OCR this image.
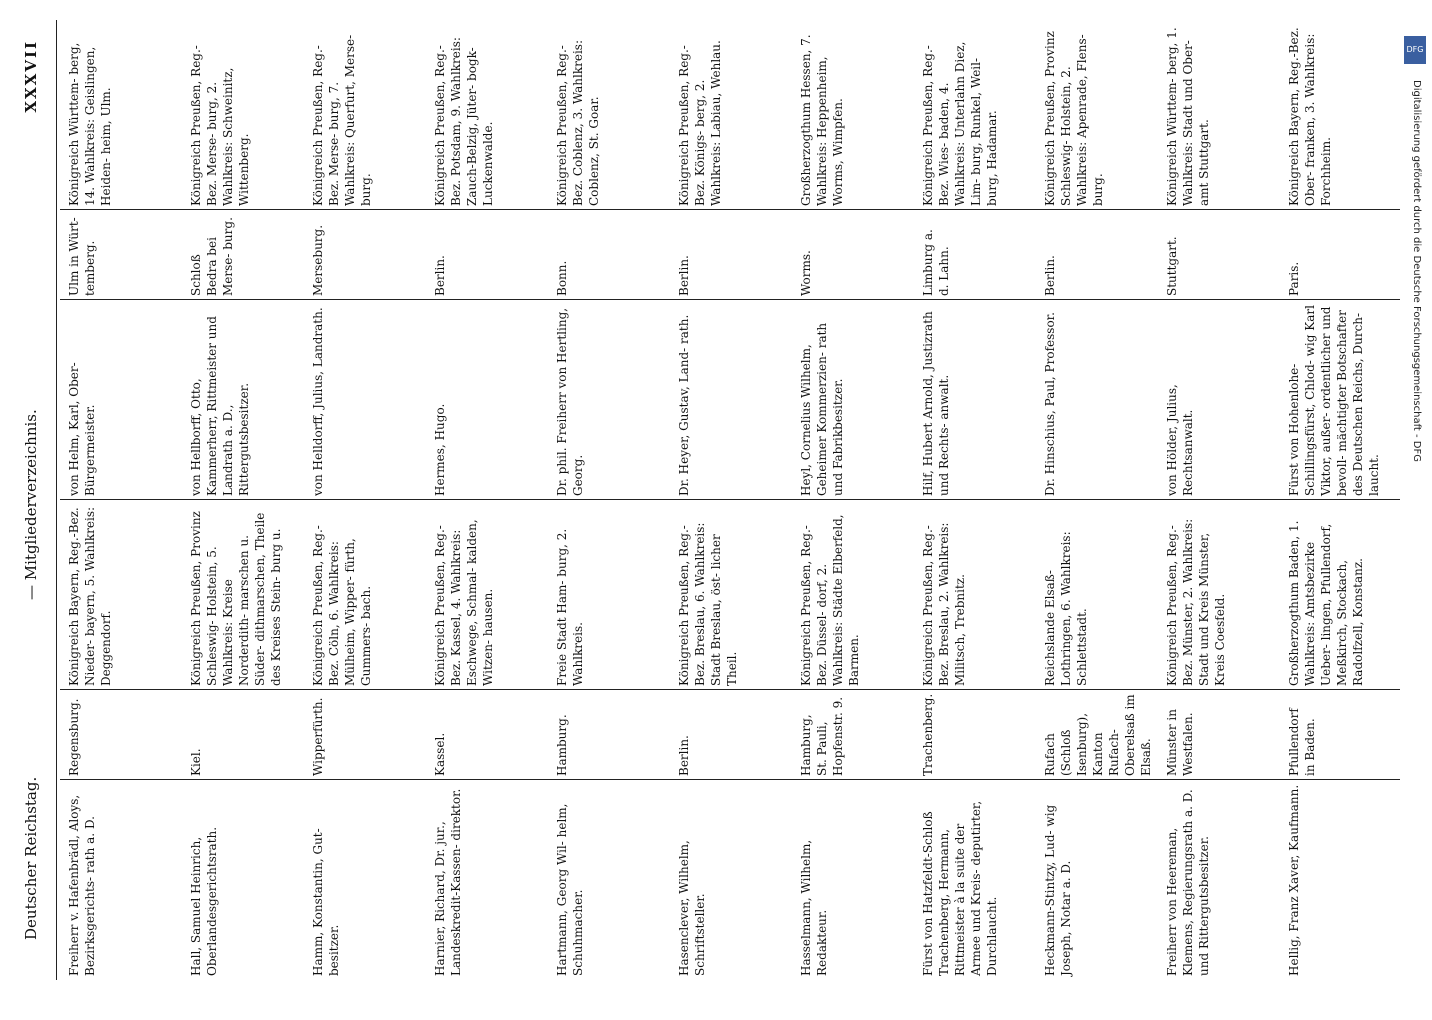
Deutscher Reichstag.
— Mitgliederverzeichnis.
XXXVII
Freiherr v. Hafenbrädl, Aloys, Bezirksgerichts- rath a. D.
Regensburg.
Königreich Bayern, Reg.-Bez. Nieder- bayern, 5. Wahlkreis: Deggendorf.
Hall, Samuel Heinrich, Oberlandesgerichtsrath.
Kiel.
Königreich Preußen, Provinz Schleswig- Holstein, 5. Wahlkreis: Kreise Norderdith- marschen u. Süder- dithmarschen, Theile des Kreises Stein- burg u.
Hamm, Konstantin, Gut- besitzer.
Wipperfürth.
Königreich Preußen, Reg.-Bez. Cöln, 6. Wahlkreis: Mülheim, Wipper- fürth, Gummers- bach.
Harnier, Richard, Dr. jur., Landeskredit-Kassen- direktor.
Kassel.
Königreich Preußen, Reg.-Bez. Kassel, 4. Wahlkreis: Eschwege, Schmal- kalden, Witzen- hausen.
Hartmann, Georg Wil- helm, Schuhmacher.
Hamburg.
Freie Stadt Ham- burg, 2. Wahlkreis.
Hasenclever, Wilhelm, Schriftsteller.
Berlin.
Königreich Preußen, Reg.-Bez. Breslau, 6. Wahlkreis: Stadt Breslau, öst- licher Theil.
Hasselmann, Wilhelm, Redakteur.
Hamburg, St. Pauli, Hopfenstr. 9.
Königreich Preußen, Reg.-Bez. Düssel- dorf, 2. Wahlkreis: Städte Elberfeld, Barmen.
Fürst von Hatzfeldt-Schloß Trachenberg, Hermann, Rittmeister à la suite der Armee und Kreis- deputirter, Durchlaucht.
Trachenberg.
Königreich Preußen, Reg.-Bez. Breslau, 2. Wahlkreis: Militsch, Trebnitz.
Heckmann-Stintzy, Lud- wig Joseph, Notar a. D.
Rufach (Schloß Isenburg), Kanton Rufach- Oberelsaß im Elsaß.
Reichslande Elsaß- Lothringen, 6. Wahlkreis: Schlettstadt.
Freiherr von Heereman, Klemens, Regierungsrath a. D. und Rittergutsbesitzer.
Münster in Westfalen.
Königreich Preußen, Reg.-Bez. Münster, 2. Wahlkreis: Stadt und Kreis Münster, Kreis Coesfeld.
Hellig, Franz Xaver, Kaufmann.
Pfullendorf in Baden.
Großherzogthum Baden, 1. Wahlkreis: Amtsbezirke Ueber- lingen, Pfullendorf, Meßkirch, Stockach, Radolfzell, Konstanz.
von Helm, Karl, Ober- Bürgermeister.
Ulm in Würt- temberg.
Königreich Württem- berg, 14. Wahlkreis: Geislingen, Heiden- heim, Ulm.
von Hellborff, Otto, Kammerherr, Rittmeister und Landrath a. D., Rittergutsbesitzer.
Schloß Bedra bei Merse- burg.
Königreich Preußen, Reg.-Bez. Merse- burg, 2. Wahlkreis: Schweinitz, Wittenberg.
von Helldorff, Julius, Landrath.
Merseburg.
Königreich Preußen, Reg.-Bez. Merse- burg, 7. Wahlkreis: Querfurt, Merse- burg.
Hermes, Hugo.
Berlin.
Königreich Preußen, Reg.-Bez. Potsdam, 9. Wahlkreis: Zauch-Belzig, Jüter- bogk-Luckenwalde.
Dr. phil. Freiherr von Hertling, Georg.
Bonn.
Königreich Preußen, Reg.-Bez. Coblenz, 3. Wahlkreis: Coblenz, St. Goar.
Dr. Heyer, Gustav, Land- rath.
Berlin.
Königreich Preußen, Reg.-Bez. Königs- berg, 2. Wahlkreis: Labiau, Wehlau.
Heyl, Cornelius Wilhelm, Geheimer Kommerzien- rath und Fabrikbesitzer.
Worms.
Großherzogthum Hessen, 7. Wahlkreis: Heppenheim, Worms, Wimpfen.
Hilf, Hubert Arnold, Justizrath und Rechts- anwalt.
Limburg a. d. Lahn.
Königreich Preußen, Reg.-Bez. Wies- baden, 4. Wahlkreis: Unterlahn Diez, Lim- burg, Runkel, Weil- burg, Hadamar.
Dr. Hinschius, Paul, Professor.
Berlin.
Königreich Preußen, Provinz Schleswig- Holstein, 2. Wahlkreis: Apenrade, Flens- burg.
von Hölder, Julius, Rechtsanwalt.
Stuttgart.
Königreich Württem- berg, 1. Wahlkreis: Stadt und Ober- amt Stuttgart.
Fürst von Hohenlohe- Schillingsfürst, Chlod- wig Karl Viktor, außer- ordentlicher und bevoll- mächtigter Botschafter des Deutschen Reichs, Durch- laucht.
Paris.
Königreich Bayern, Reg.-Bez. Ober- franken, 3. Wahlkreis: Forchheim.
DFG
Digitalisierung gefördert durch die Deutsche Forschungsgemeinschaft - DFG
